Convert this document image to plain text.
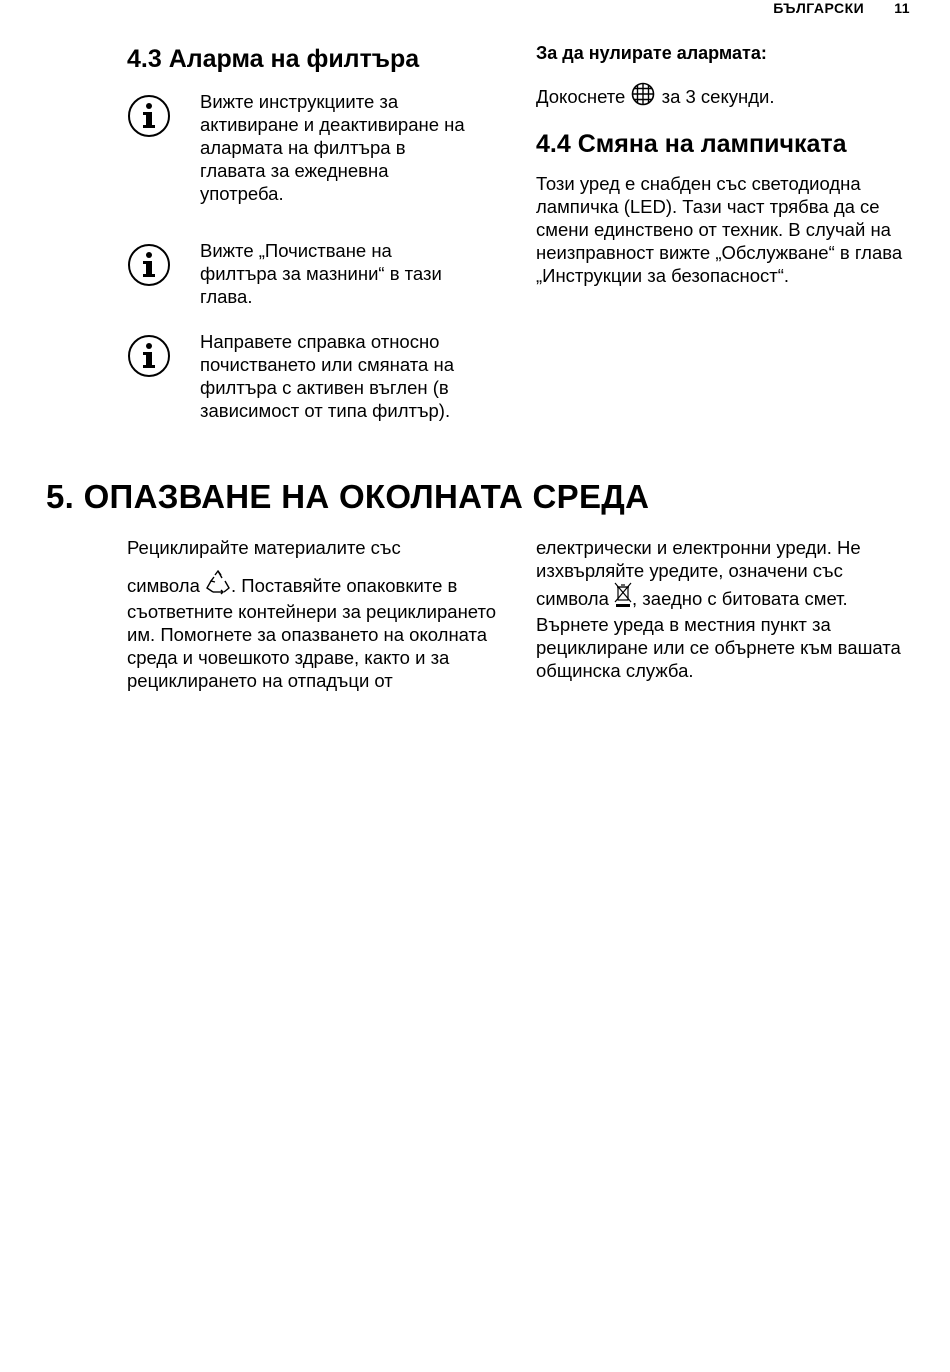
БЪЛГАРСКИ 11
4.3 Аларма на филтъра

Вижте инструкциите за активиране и деактивиране на алармата на филтъра в главата за ежедневна употреба.

Вижте „Почистване на филтъра за мазнини“ в тази глава.

Направете справка относно почистването или смяната на филтъра с активен въглен (в зависимост от типа филтър).

За да нулирате алармата:

Докоснете за 3 секунди.

4.4 Смяна на лампичката

Този уред е снабден със светодиодна лампичка (LED). Тази част трябва да се смени единствено от техник. В случай на неизправност вижте „Обслужване“ в глава „Инструкции за безопасност“.

5. ОПАЗВАНЕ НА ОКОЛНАТА СРЕДА

Рециклирайте материалите със
символа . Поставяйте опаковките в съответните контейнери за рециклирането им. Помогнете за опазването на околната среда и човешкото здраве, както и за рециклирането на отпадъци от

електрически и електронни уреди. Не изхвърляйте уредите, означени със символa , заедно с битовата смет. Върнете уреда в местния пункт за рециклиране или се обърнете към вашата общинска служба.
